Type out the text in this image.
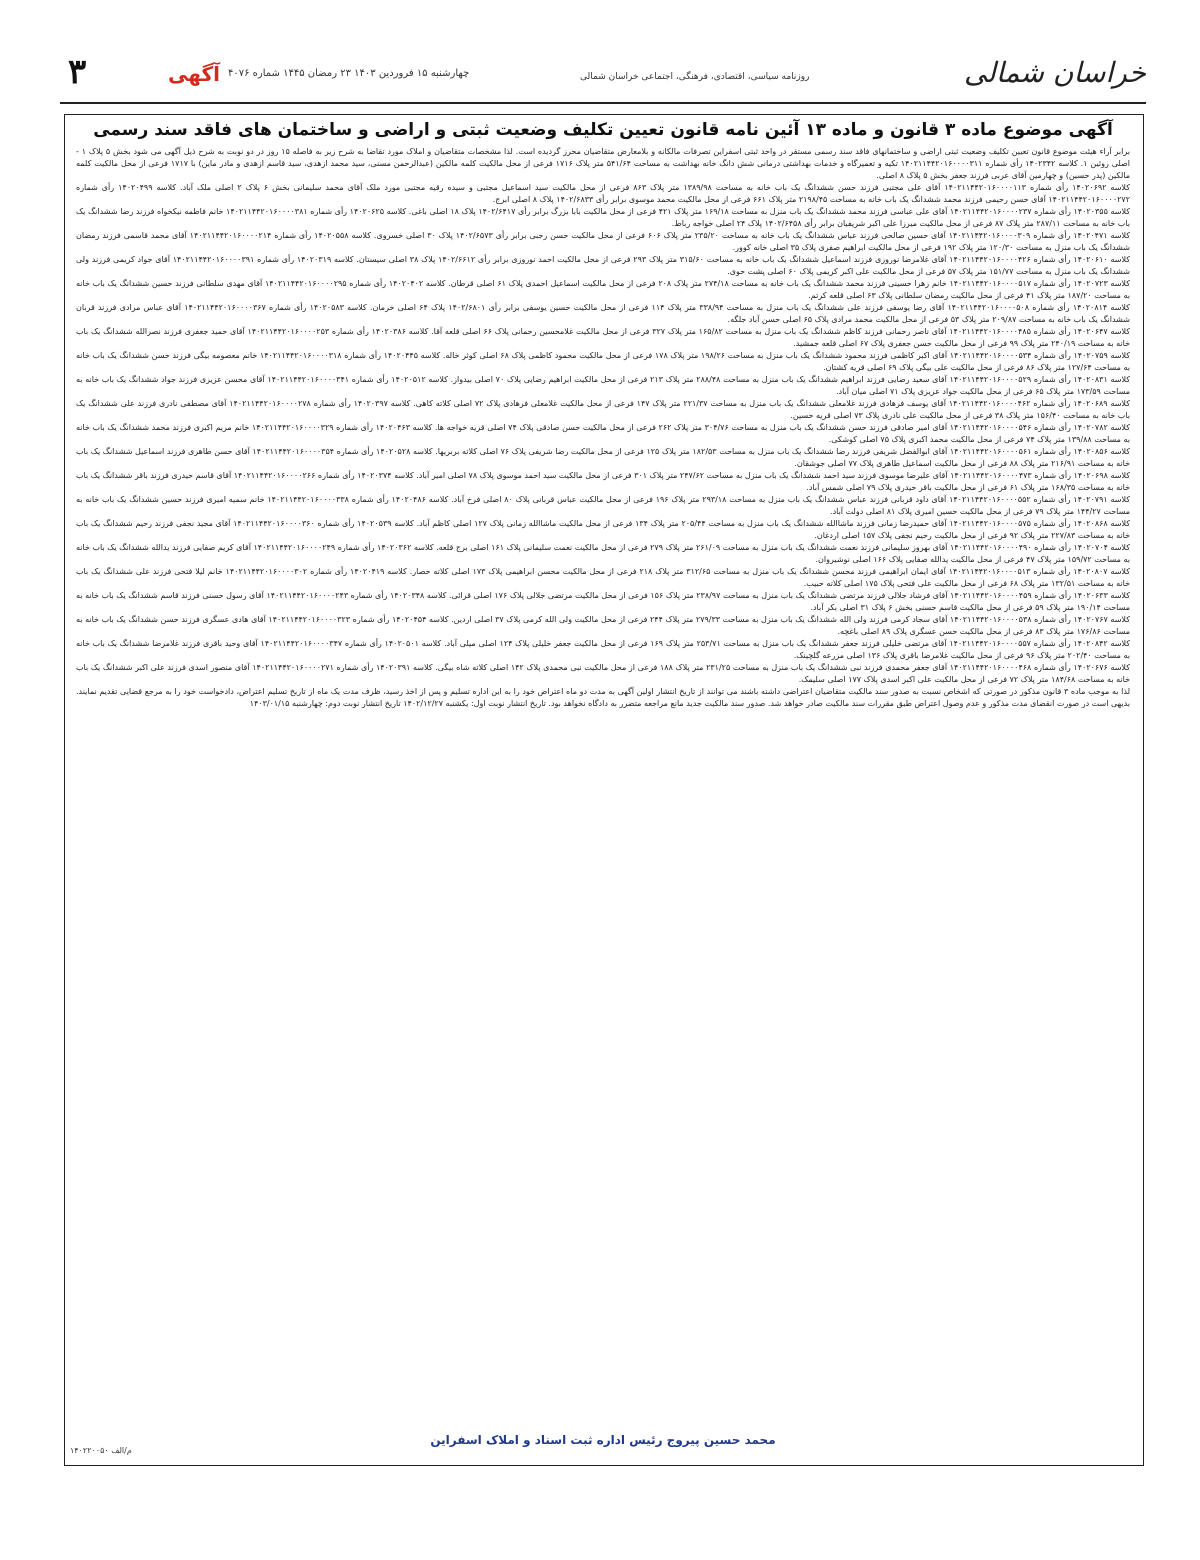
۳	آگهی چهارشنبه ۱۵ فروردین ۱۴۰۳ ۲۳ رمضان ۱۴۴۵ شماره ۴۰۷۶	روزنامه سیاسی، اقتصادی، فرهنگی، اجتماعی خراسان شمالی	خراسان شمالی
آگهی موضوع ماده ۳ قانون و ماده ۱۳ آئین نامه قانون تعیین تکلیف وضعیت ثبتی و اراضی و ساختمان های فاقد سند رسمی

برابر آراء هیئت موضوع قانون تعیین تکلیف وضعیت ثبتی اراضی و ساختمانهای فاقد سند رسمی مستقر در واحد ثبتی اسفراین تصرفات مالکانه و بلامعارض متقاضیان محرز گردیده است. لذا مشخصات متقاضیان و املاک مورد تقاضا به شرح زیر به فاصله ۱۵ روز در دو نوبت به شرح ذیل آگهی می شود بخش ۵ پلاک ۱ - اصلی روئین ۱. کلاسه ۱۴۰۲۳۴۲ رأی شماره ۱۴۰۲۱۱۴۴۲۰۱۶۰۰۰۰۳۱۱ تکیه و تعمیرگاه و خدمات بهداشتی درمانی شش دانگ خانه بهداشت به مساحت ۵۴۱/۶۴ متر پلاک ۱۷۱۶ فرعی از محل مالکیت کلمه مالکین (عبدالرحمن مسنی، سید محمد ازهدی، سید قاسم ازهدی و مادر ماین) با ۱۷۱۷ فرعی از محل مالکیت کلمه مالکین (پدر حسین) و چهارمین آقای عربی فرزند جعفر بخش ۵ پلاک ۸ اصلی.

کلاسه ۱۴۰۲۰۶۹۲ رأی شماره ۱۴۰۲۱۱۴۴۲۰۱۶۰۰۰۰۱۱۳ آقای علی مجتبی فرزند حسن ششدانگ یک باب خانه به مساحت ۱۳۸۹/۹۸ متر پلاک ۸۶۳ فرعی از محل مالکیت سید اسماعیل مجتبی و سیده رقیه مجتبی مورد ملک آقای محمد سلیمانی بخش ۶ پلاک ۲ اصلی ملک آباد. کلاسه ۱۴۰۲۰۴۹۹ رأی شماره ۱۴۰۲۱۱۴۴۲۰۱۶۰۰۰۰۲۷۲ آقای حسن رحیمی فرزند محمد ششدانگ یک باب خانه به مساحت ۲۱۹۸/۴۵ متر پلاک ۶۶۱ فرعی از محل مالکیت محمد موسوی برابر رأی ۱۴۰۲/۶۸۳۳ پلاک ۸ اصلی ابرج.

کلاسه ۱۴۰۲۰۳۵۵ رأی شماره ۱۴۰۲۱۱۴۴۲۰۱۶۰۰۰۰۲۳۷ آقای علی عباسی فرزند محمد ششدانگ یک باب منزل به مساحت ۱۶۹/۱۸ متر پلاک ۴۲۱ فرعی از محل مالکیت بابا بزرگ برابر رأی ۱۴۰۲/۶۴۱۷ پلاک ۱۸ اصلی باغی. کلاسه ۱۴۰۲۰۶۲۵ رأی شماره ۱۴۰۲۱۱۴۴۲۰۱۶۰۰۰۰۳۸۱ خانم فاطمه نیکخواه فرزند رضا ششدانگ یک باب خانه به مساحت ۲۸۷/۱۱ متر پلاک ۸۷ فرعی از محل مالکیت میرزا علی اکبر شریفیان برابر رأی ۱۴۰۲/۶۴۵۸ پلاک ۲۴ اصلی خواجه رباط.

کلاسه ۱۴۰۲۰۴۷۱ رأی شماره ۱۴۰۲۱۱۴۴۲۰۱۶۰۰۰۰۳۰۹ آقای حسین صالحی فرزند عباس ششدانگ یک باب خانه به مساحت ۲۳۵/۲۰ متر پلاک ۶۰۶ فرعی از محل مالکیت حسن رجبی برابر رأی ۱۴۰۲/۶۵۷۳ پلاک ۳۰ اصلی خسروی. کلاسه ۱۴۰۲۰۵۵۸ رأی شماره ۱۴۰۲۱۱۴۴۲۰۱۶۰۰۰۰۲۱۴ آقای محمد قاسمی فرزند رمضان ششدانگ یک باب منزل به مساحت ۱۲۰/۳۰ متر پلاک ۱۹۲ فرعی از محل مالکیت ابراهیم صفری پلاک ۳۵ اصلی خانه کوور.

کلاسه ۱۴۰۲۰۶۱۰ رأی شماره ۱۴۰۲۱۱۴۴۲۰۱۶۰۰۰۰۴۲۶ آقای غلامرضا نوروزی فرزند اسماعیل ششدانگ یک باب خانه به مساحت ۳۱۵/۶۰ متر پلاک ۲۹۳ فرعی از محل مالکیت احمد نوروزی برابر رأی ۱۴۰۲/۶۶۱۲ پلاک ۳۸ اصلی سیستان. کلاسه ۱۴۰۲۰۳۱۹ رأی شماره ۱۴۰۲۱۱۴۴۲۰۱۶۰۰۰۰۳۹۱ آقای جواد کریمی فرزند ولی ششدانگ یک باب منزل به مساحت ۱۵۱/۷۷ متر پلاک ۵۷ فرعی از محل مالکیت علی اکبر کریمی پلاک ۶۰ اصلی پشت حوی.

کلاسه ۱۴۰۲۰۷۲۳ رأی شماره ۱۴۰۲۱۱۴۴۲۰۱۶۰۰۰۰۵۱۷ خانم زهرا حسینی فرزند محمد ششدانگ یک باب خانه به مساحت ۲۷۴/۱۸ متر پلاک ۲۰۸ فرعی از محل مالکیت اسماعیل احمدی پلاک ۶۱ اصلی قرطان. کلاسه ۱۴۰۲۰۴۰۲ رأی شماره ۱۴۰۲۱۱۴۴۲۰۱۶۰۰۰۰۲۹۵ آقای مهدی سلطانی فرزند حسین ششدانگ یک باب خانه به مساحت ۱۸۷/۲۰ متر پلاک ۴۱ فرعی از محل مالکیت رمضان سلطانی پلاک ۶۳ اصلی قلعه کرتم.

کلاسه ۱۴۰۲۰۸۱۴ رأی شماره ۱۴۰۲۱۱۴۴۲۰۱۶۰۰۰۰۵۰۸ آقای رضا یوسفی فرزند علی ششدانگ یک باب منزل به مساحت ۳۳۸/۹۴ متر پلاک ۱۱۴ فرعی از محل مالکیت حسین یوسفی برابر رأی ۱۴۰۲/۶۸۰۱ پلاک ۶۴ اصلی خرمان. کلاسه ۱۴۰۲۰۵۸۳ رأی شماره ۱۴۰۲۱۱۴۴۲۰۱۶۰۰۰۰۳۶۷ آقای عباس مرادی فرزند قربان ششدانگ یک باب خانه به مساحت ۲۰۹/۸۷ متر پلاک ۵۳ فرعی از محل مالکیت محمد مرادی پلاک ۶۵ اصلی حسن آباد جلگه.

کلاسه ۱۴۰۲۰۶۴۷ رأی شماره ۱۴۰۲۱۱۴۴۲۰۱۶۰۰۰۰۴۸۵ آقای ناصر رحمانی فرزند کاظم ششدانگ یک باب منزل به مساحت ۱۶۵/۸۲ متر پلاک ۳۲۷ فرعی از محل مالکیت غلامحسین رحمانی پلاک ۶۶ اصلی قلعه آقا. کلاسه ۱۴۰۲۰۳۸۶ رأی شماره ۱۴۰۲۱۱۴۴۲۰۱۶۰۰۰۰۲۵۳ آقای حمید جعفری فرزند نصرالله ششدانگ یک باب خانه به مساحت ۲۴۰/۱۹ متر پلاک ۹۹ فرعی از محل مالکیت حسن جعفری پلاک ۶۷ اصلی قلعه جمشید.

کلاسه ۱۴۰۲۰۷۵۹ رأی شماره ۱۴۰۲۱۱۴۴۲۰۱۶۰۰۰۰۵۳۴ آقای اکبر کاظمی فرزند محمود ششدانگ یک باب منزل به مساحت ۱۹۸/۲۶ متر پلاک ۱۷۸ فرعی از محل مالکیت محمود کاظمی پلاک ۶۸ اصلی کوثر خاله. کلاسه ۱۴۰۲۰۴۴۵ رأی شماره ۱۴۰۲۱۱۴۴۲۰۱۶۰۰۰۰۳۱۸ خانم معصومه بیگی فرزند حسن ششدانگ یک باب خانه به مساحت ۱۲۷/۶۴ متر پلاک ۸۶ فرعی از محل مالکیت علی بیگی پلاک ۶۹ اصلی قریه کشتان.

کلاسه ۱۴۰۲۰۸۳۱ رأی شماره ۱۴۰۲۱۱۴۴۲۰۱۶۰۰۰۰۵۲۹ آقای سعید رضایی فرزند ابراهیم ششدانگ یک باب منزل به مساحت ۲۸۸/۴۸ متر پلاک ۲۱۳ فرعی از محل مالکیت ابراهیم رضایی پلاک ۷۰ اصلی بیدواز. کلاسه ۱۴۰۲۰۵۱۲ رأی شماره ۱۴۰۲۱۱۴۴۲۰۱۶۰۰۰۰۳۴۱ آقای محسن عزیزی فرزند جواد ششدانگ یک باب خانه به مساحت ۱۷۳/۵۹ متر پلاک ۶۵ فرعی از محل مالکیت جواد عزیزی پلاک ۷۱ اصلی میان آباد.

کلاسه ۱۴۰۲۰۶۸۹ رأی شماره ۱۴۰۲۱۱۴۴۲۰۱۶۰۰۰۰۴۶۲ آقای یوسف فرهادی فرزند غلامعلی ششدانگ یک باب منزل به مساحت ۲۲۱/۳۷ متر پلاک ۱۴۷ فرعی از محل مالکیت غلامعلی فرهادی پلاک ۷۲ اصلی کلاته کاهی. کلاسه ۱۴۰۲۰۳۹۷ رأی شماره ۱۴۰۲۱۱۴۴۲۰۱۶۰۰۰۰۲۷۸ آقای مصطفی نادری فرزند علی ششدانگ یک باب خانه به مساحت ۱۵۶/۴۰ متر پلاک ۳۸ فرعی از محل مالکیت علی نادری پلاک ۷۳ اصلی قریه حسین.

کلاسه ۱۴۰۲۰۷۸۲ رأی شماره ۱۴۰۲۱۱۴۴۲۰۱۶۰۰۰۰۵۴۶ آقای امیر صادقی فرزند حسن ششدانگ یک باب منزل به مساحت ۳۰۴/۷۶ متر پلاک ۲۶۲ فرعی از محل مالکیت حسن صادقی پلاک ۷۴ اصلی قریه خواجه ها. کلاسه ۱۴۰۲۰۴۶۳ رأی شماره ۱۴۰۲۱۱۴۴۲۰۱۶۰۰۰۰۳۲۹ خانم مریم اکبری فرزند محمد ششدانگ یک باب خانه به مساحت ۱۳۹/۸۸ متر پلاک ۷۴ فرعی از محل مالکیت محمد اکبری پلاک ۷۵ اصلی کوشکی.

کلاسه ۱۴۰۲۰۸۵۶ رأی شماره ۱۴۰۲۱۱۴۴۲۰۱۶۰۰۰۰۵۶۱ آقای ابوالفضل شریفی فرزند رضا ششدانگ یک باب منزل به مساحت ۱۸۲/۵۳ متر پلاک ۱۲۵ فرعی از محل مالکیت رضا شریفی پلاک ۷۶ اصلی کلاته بربریها. کلاسه ۱۴۰۲۰۵۲۸ رأی شماره ۱۴۰۲۱۱۴۴۲۰۱۶۰۰۰۰۳۵۴ آقای حسن طاهری فرزند اسماعیل ششدانگ یک باب خانه به مساحت ۲۱۶/۹۱ متر پلاک ۸۸ فرعی از محل مالکیت اسماعیل طاهری پلاک ۷۷ اصلی جوشقان.

کلاسه ۱۴۰۲۰۶۹۸ رأی شماره ۱۴۰۲۱۱۴۴۲۰۱۶۰۰۰۰۴۷۳ آقای علیرضا موسوی فرزند سید احمد ششدانگ یک باب منزل به مساحت ۲۴۷/۶۲ متر پلاک ۳۰۱ فرعی از محل مالکیت سید احمد موسوی پلاک ۷۸ اصلی امیر آباد. کلاسه ۱۴۰۲۰۳۷۴ رأی شماره ۱۴۰۲۱۱۴۴۲۰۱۶۰۰۰۰۲۶۶ آقای قاسم حیدری فرزند باقر ششدانگ یک باب خانه به مساحت ۱۶۸/۳۵ متر پلاک ۶۱ فرعی از محل مالکیت باقر حیدری پلاک ۷۹ اصلی شمس آباد.

کلاسه ۱۴۰۲۰۷۹۱ رأی شماره ۱۴۰۲۱۱۴۴۲۰۱۶۰۰۰۰۵۵۲ آقای داود قربانی فرزند عباس ششدانگ یک باب منزل به مساحت ۲۹۳/۱۸ متر پلاک ۱۹۶ فرعی از محل مالکیت عباس قربانی پلاک ۸۰ اصلی فرخ آباد. کلاسه ۱۴۰۲۰۴۸۶ رأی شماره ۱۴۰۲۱۱۴۴۲۰۱۶۰۰۰۰۳۳۸ خانم سمیه امیری فرزند حسین ششدانگ یک باب خانه به مساحت ۱۴۴/۲۷ متر پلاک ۷۹ فرعی از محل مالکیت حسین امیری پلاک ۸۱ اصلی دولت آباد.

کلاسه ۱۴۰۲۰۸۶۸ رأی شماره ۱۴۰۲۱۱۴۴۲۰۱۶۰۰۰۰۵۷۵ آقای حمیدرضا زمانی فرزند ماشاالله ششدانگ یک باب منزل به مساحت ۲۰۵/۴۴ متر پلاک ۱۳۴ فرعی از محل مالکیت ماشاالله زمانی پلاک ۱۲۷ اصلی کاظم آباد. کلاسه ۱۴۰۲۰۵۳۹ رأی شماره ۱۴۰۲۱۱۴۴۲۰۱۶۰۰۰۰۳۶۰ آقای مجید نجفی فرزند رحیم ششدانگ یک باب خانه به مساحت ۲۲۷/۸۳ متر پلاک ۹۲ فرعی از محل مالکیت رحیم نجفی پلاک ۱۵۷ اصلی اردغان.

کلاسه ۱۴۰۲۰۷۰۴ رأی شماره ۱۴۰۲۱۱۴۴۲۰۱۶۰۰۰۰۴۹۰ آقای بهروز سلیمانی فرزند نعمت ششدانگ یک باب منزل به مساحت ۲۶۱/۰۹ متر پلاک ۲۷۹ فرعی از محل مالکیت نعمت سلیمانی پلاک ۱۶۱ اصلی برج قلعه. کلاسه ۱۴۰۲۰۳۶۲ رأی شماره ۱۴۰۲۱۱۴۴۲۰۱۶۰۰۰۰۲۴۹ آقای کریم صفایی فرزند یدالله ششدانگ یک باب خانه به مساحت ۱۵۹/۷۲ متر پلاک ۴۷ فرعی از محل مالکیت یدالله صفایی پلاک ۱۶۶ اصلی نوشیروان.

کلاسه ۱۴۰۲۰۸۰۷ رأی شماره ۱۴۰۲۱۱۴۴۲۰۱۶۰۰۰۰۵۱۳ آقای ایمان ابراهیمی فرزند محسن ششدانگ یک باب منزل به مساحت ۳۱۲/۶۵ متر پلاک ۲۱۸ فرعی از محل مالکیت محسن ابراهیمی پلاک ۱۷۳ اصلی کلاته حصار. کلاسه ۱۴۰۲۰۴۱۹ رأی شماره ۱۴۰۲۱۱۴۴۲۰۱۶۰۰۰۰۳۰۲ خانم لیلا فتحی فرزند علی ششدانگ یک باب خانه به مساحت ۱۳۲/۵۱ متر پلاک ۶۸ فرعی از محل مالکیت علی فتحی پلاک ۱۷۵ اصلی کلاته حبیب.

کلاسه ۱۴۰۲۰۶۳۳ رأی شماره ۱۴۰۲۱۱۴۴۲۰۱۶۰۰۰۰۴۵۹ آقای فرشاد جلالی فرزند مرتضی ششدانگ یک باب منزل به مساحت ۲۳۸/۹۷ متر پلاک ۱۵۶ فرعی از محل مالکیت مرتضی جلالی پلاک ۱۷۶ اصلی قرائی. کلاسه ۱۴۰۲۰۳۴۸ رأی شماره ۱۴۰۲۱۱۴۴۲۰۱۶۰۰۰۰۲۴۳ آقای رسول حسنی فرزند قاسم ششدانگ یک باب خانه به مساحت ۱۹۰/۱۴ متر پلاک ۵۹ فرعی از محل مالکیت قاسم حسنی بخش ۶ پلاک ۳۱ اصلی بکر آباد.

کلاسه ۱۴۰۲۰۷۶۷ رأی شماره ۱۴۰۲۱۱۴۴۲۰۱۶۰۰۰۰۵۳۸ آقای سجاد کرمی فرزند ولی الله ششدانگ یک باب منزل به مساحت ۲۷۹/۳۳ متر پلاک ۲۴۴ فرعی از محل مالکیت ولی الله کرمی پلاک ۳۷ اصلی اردین. کلاسه ۱۴۰۲۰۴۵۴ رأی شماره ۱۴۰۲۱۱۴۴۲۰۱۶۰۰۰۰۳۲۳ آقای هادی عسگری فرزند حسن ششدانگ یک باب خانه به مساحت ۱۷۶/۸۶ متر پلاک ۸۳ فرعی از محل مالکیت حسن عسگری پلاک ۸۹ اصلی باغچه.

کلاسه ۱۴۰۲۰۸۴۲ رأی شماره ۱۴۰۲۱۱۴۴۲۰۱۶۰۰۰۰۵۵۷ آقای مرتضی خلیلی فرزند جعفر ششدانگ یک باب منزل به مساحت ۲۵۳/۷۱ متر پلاک ۱۶۹ فرعی از محل مالکیت جعفر خلیلی پلاک ۱۲۴ اصلی میلی آباد. کلاسه ۱۴۰۲۰۵۰۱ رأی شماره ۱۴۰۲۱۱۴۴۲۰۱۶۰۰۰۰۳۴۷ آقای وحید باقری فرزند غلامرضا ششدانگ یک باب خانه به مساحت ۲۰۲/۴۰ متر پلاک ۹۶ فرعی از محل مالکیت غلامرضا باقری پلاک ۱۳۶ اصلی مزرعه گلچینک.

کلاسه ۱۴۰۲۰۶۷۶ رأی شماره ۱۴۰۲۱۱۴۴۲۰۱۶۰۰۰۰۴۶۸ آقای جعفر محمدی فرزند نبی ششدانگ یک باب منزل به مساحت ۲۳۱/۲۵ متر پلاک ۱۸۸ فرعی از محل مالکیت نبی محمدی پلاک ۱۴۲ اصلی کلاته شاه بیگی. کلاسه ۱۴۰۲۰۳۹۱ رأی شماره ۱۴۰۲۱۱۴۴۲۰۱۶۰۰۰۰۲۷۱ آقای منصور اسدی فرزند علی اکبر ششدانگ یک باب خانه به مساحت ۱۸۴/۶۸ متر پلاک ۷۲ فرعی از محل مالکیت علی اکبر اسدی پلاک ۱۷۷ اصلی سلیمک.

لذا به موجب ماده ۳ قانون مذکور در صورتی که اشخاص نسبت به صدور سند مالکیت متقاضیان اعتراضی داشته باشند می توانند از تاریخ انتشار اولین آگهی به مدت دو ماه اعتراض خود را به این اداره تسلیم و پس از اخذ رسید، ظرف مدت یک ماه از تاریخ تسلیم اعتراض، دادخواست خود را به مرجع قضایی تقدیم نمایند. بدیهی است در صورت انقضای مدت مذکور و عدم وصول اعتراض طبق مقررات سند مالکیت صادر خواهد شد. صدور سند مالکیت جدید مانع مراجعه متضرر به دادگاه نخواهد بود. تاریخ انتشار نوبت اول: یکشنبه ۱۴۰۲/۱۲/۲۷ تاریخ انتشار نوبت دوم: چهارشنبه ۱۴۰۳/۰۱/۱۵

محمد حسین پیروج رئیس اداره ثبت اسناد و املاک اسفراین
م/الف ۱۴۰۲۲۰۰۵۰
